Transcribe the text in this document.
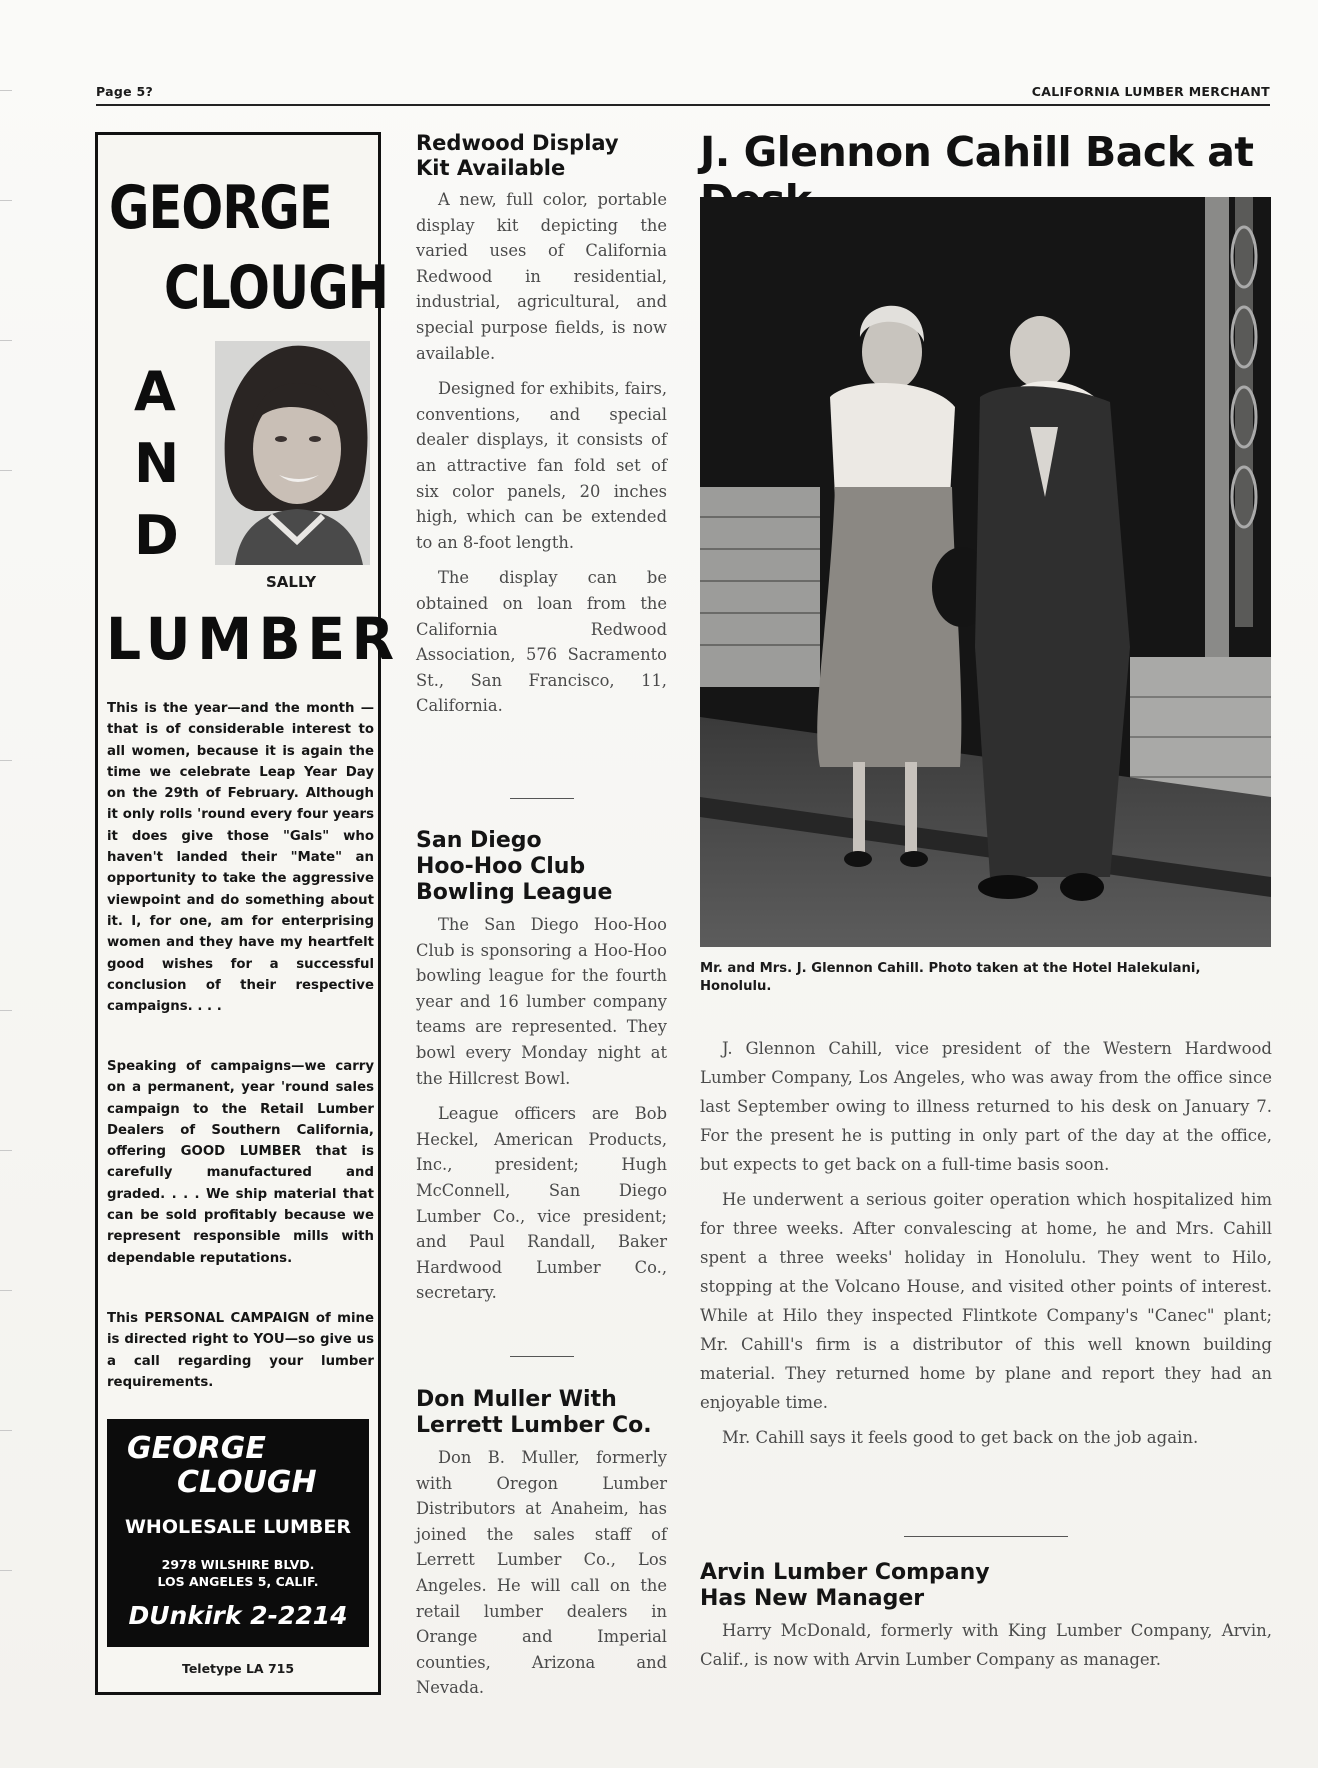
Page 5?	CALIFORNIA LUMBER MERCHANT
GEORGE
CLOUGH
A
N
D
SALLY
LUMBER
This is the year—and the month —that is of considerable interest to all women, because it is again the time we celebrate Leap Year Day on the 29th of February. Although it only rolls 'round every four years it does give those "Gals" who haven't landed their "Mate" an opportunity to take the aggressive viewpoint and do something about it. I, for one, am for enterprising women and they have my heartfelt good wishes for a successful conclusion of their respective campaigns. . . .
Speaking of campaigns—we carry on a permanent, year 'round sales campaign to the Retail Lumber Dealers of Southern California, offering GOOD LUMBER that is carefully manufactured and graded. . . . We ship material that can be sold profitably because we represent responsible mills with dependable reputations.
This PERSONAL CAMPAIGN of mine is directed right to YOU—so give us a call regarding your lumber requirements.
GEORGE
CLOUGH
WHOLESALE LUMBER
2978 WILSHIRE BLVD.
LOS ANGELES 5, CALIF.
DUnkirk 2-2214
Teletype LA 715
Redwood Display
Kit Available

A new, full color, portable display kit depicting the varied uses of California Redwood in residential, industrial, agricultural, and special purpose fields, is now available.

Designed for exhibits, fairs, conventions, and special dealer displays, it consists of an attractive fan fold set of six color panels, 20 inches high, which can be extended to an 8-foot length.

The display can be obtained on loan from the California Redwood Association, 576 Sacramento St., San Francisco, 11, California.

San Diego
Hoo-Hoo Club
Bowling League

The San Diego Hoo-Hoo Club is sponsoring a Hoo-Hoo bowling league for the fourth year and 16 lumber company teams are represented. They bowl every Monday night at the Hillcrest Bowl.

League officers are Bob Heckel, American Products, Inc., president; Hugh McConnell, San Diego Lumber Co., vice president; and Paul Randall, Baker Hardwood Lumber Co., secretary.

Don Muller With
Lerrett Lumber Co.

Don B. Muller, formerly with Oregon Lumber Distributors at Anaheim, has joined the sales staff of Lerrett Lumber Co., Los Angeles. He will call on the retail lumber dealers in Orange and Imperial counties, Arizona and Nevada.

J. Glennon Cahill Back at
Mr. and Mrs. J. Glennon Cahill. Photo taken at the Hotel Halekulani, Honolulu.

J. Glennon Cahill, vice president of the Western Hardwood Lumber Company, Los Angeles, who was away from the office since last September owing to illness returned to his desk on January 7. For the present he is putting in only part of the day at the office, but expects to get back on a full-time basis soon.

He underwent a serious goiter operation which hospitalized him for three weeks. After convalescing at home, he and Mrs. Cahill spent a three weeks' holiday in Honolulu. They went to Hilo, stopping at the Volcano House, and visited other points of interest. While at Hilo they inspected Flintkote Company's "Canec" plant; Mr. Cahill's firm is a distributor of this well known building material. They returned home by plane and report they had an enjoyable time.

Mr. Cahill says it feels good to get back on the job again.

Arvin Lumber Company
Has New Manager

Harry McDonald, formerly with King Lumber Company, Arvin, Calif., is now with Arvin Lumber Company as manager.
